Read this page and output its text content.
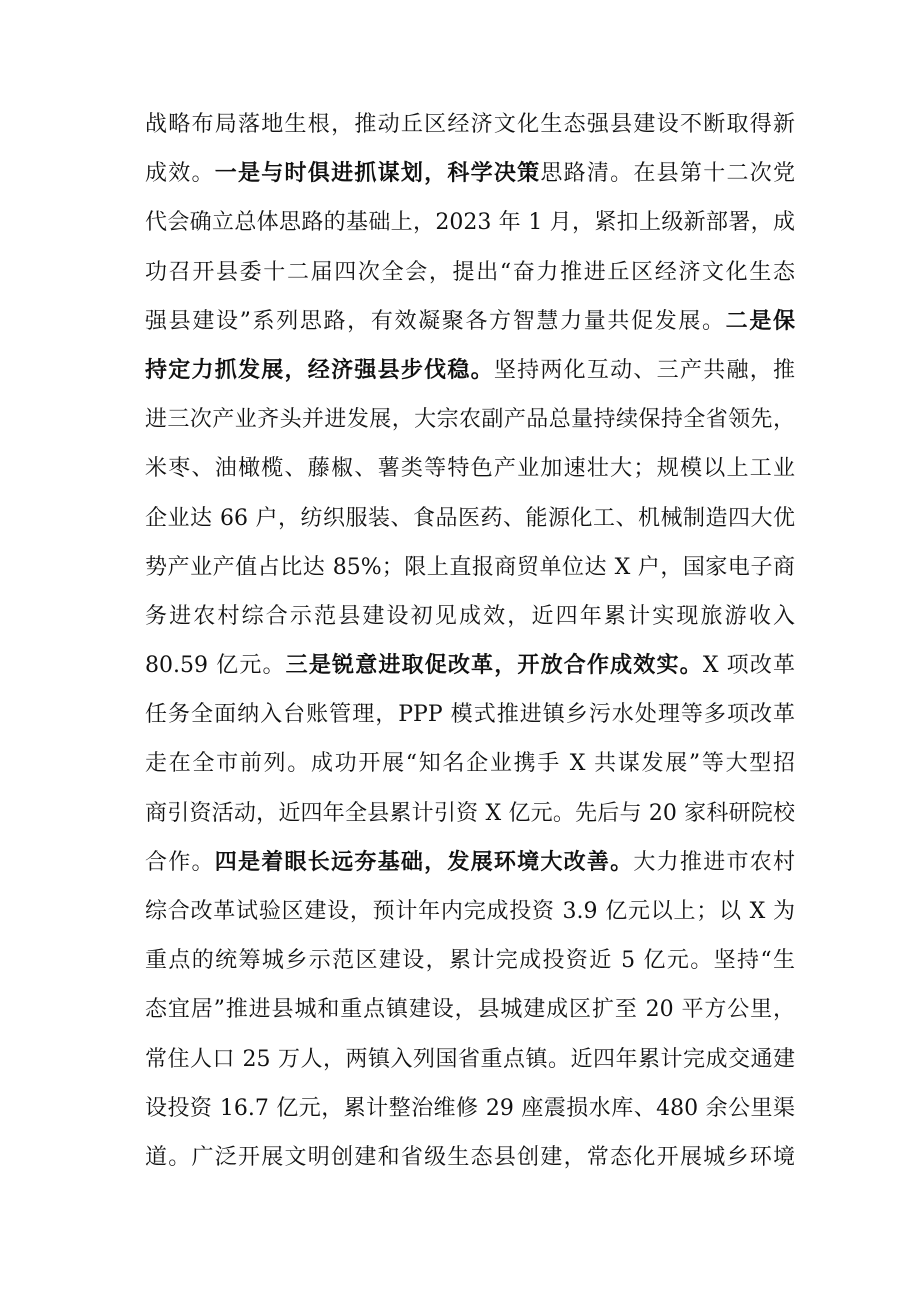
战略布局落地生根，推动丘区经济文化生态强县建设不断取得新
成效。一是与时俱进抓谋划，科学决策思路清。在县第十二次党
代会确立总体思路的基础上，2023 年 1 月，紧扣上级新部署，成
功召开县委十二届四次全会，提出“奋力推进丘区经济文化生态
强县建设”系列思路，有效凝聚各方智慧力量共促发展。二是保
持定力抓发展，经济强县步伐稳。坚持两化互动、三产共融，推
进三次产业齐头并进发展，大宗农副产品总量持续保持全省领先，
米枣、油橄榄、藤椒、薯类等特色产业加速壮大；规模以上工业
企业达 66 户，纺织服装、食品医药、能源化工、机械制造四大优
势产业产值占比达 85%；限上直报商贸单位达 X 户，国家电子商
务进农村综合示范县建设初见成效，近四年累计实现旅游收入
80.59 亿元。三是锐意进取促改革，开放合作成效实。X 项改革
任务全面纳入台账管理，PPP 模式推进镇乡污水处理等多项改革
走在全市前列。成功开展“知名企业携手 X 共谋发展”等大型招
商引资活动，近四年全县累计引资 X 亿元。先后与 20 家科研院校
合作。四是着眼长远夯基础，发展环境大改善。大力推进市农村
综合改革试验区建设，预计年内完成投资 3.9 亿元以上；以 X 为
重点的统筹城乡示范区建设，累计完成投资近 5 亿元。坚持“生
态宜居”推进县城和重点镇建设，县城建成区扩至 20 平方公里，
常住人口 25 万人，两镇入列国省重点镇。近四年累计完成交通建
设投资 16.7 亿元，累计整治维修 29 座震损水库、480 余公里渠
道。广泛开展文明创建和省级生态县创建，常态化开展城乡环境
